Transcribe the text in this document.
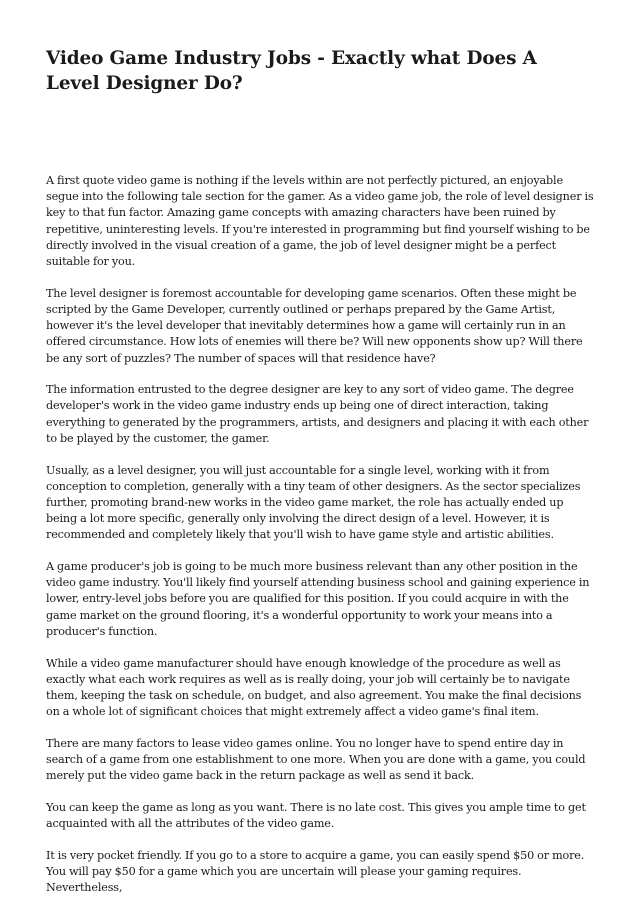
Video Game Industry Jobs - Exactly what Does A Level Designer Do?

A first quote video game is nothing if the levels within are not perfectly pictured, an enjoyable segue into the following tale section for the gamer. As a video game job, the role of level designer is key to that fun factor. Amazing game concepts with amazing characters have been ruined by repetitive, uninteresting levels. If you're interested in programming but find yourself wishing to be directly involved in the visual creation of a game, the job of level designer might be a perfect suitable for you.

The level designer is foremost accountable for developing game scenarios. Often these might be scripted by the Game Developer, currently outlined or perhaps prepared by the Game Artist, however it's the level developer that inevitably determines how a game will certainly run in an offered circumstance. How lots of enemies will there be? Will new opponents show up? Will there be any sort of puzzles? The number of spaces will that residence have?

The information entrusted to the degree designer are key to any sort of video game. The degree developer's work in the video game industry ends up being one of direct interaction, taking everything to generated by the programmers, artists, and designers and placing it with each other to be played by the customer, the gamer.

Usually, as a level designer, you will just accountable for a single level, working with it from conception to completion, generally with a tiny team of other designers. As the sector specializes further, promoting brand-new works in the video game market, the role has actually ended up being a lot more specific, generally only involving the direct design of a level. However, it is recommended and completely likely that you'll wish to have game style and artistic abilities.

A game producer's job is going to be much more business relevant than any other position in the video game industry. You'll likely find yourself attending business school and gaining experience in lower, entry-level jobs before you are qualified for this position. If you could acquire in with the game market on the ground flooring, it's a wonderful opportunity to work your means into a producer's function.

While a video game manufacturer should have enough knowledge of the procedure as well as exactly what each work requires as well as is really doing, your job will certainly be to navigate them, keeping the task on schedule, on budget, and also agreement. You make the final decisions on a whole lot of significant choices that might extremely affect a video game's final item.

There are many factors to lease video games online. You no longer have to spend entire day in search of a game from one establishment to one more. When you are done with a game, you could merely put the video game back in the return package as well as send it back.

You can keep the game as long as you want. There is no late cost. This gives you ample time to get acquainted with all the attributes of the video game.

It is very pocket friendly. If you go to a store to acquire a game, you can easily spend $50 or more. You will pay $50 for a game which you are uncertain will please your gaming requires. Nevertheless,
